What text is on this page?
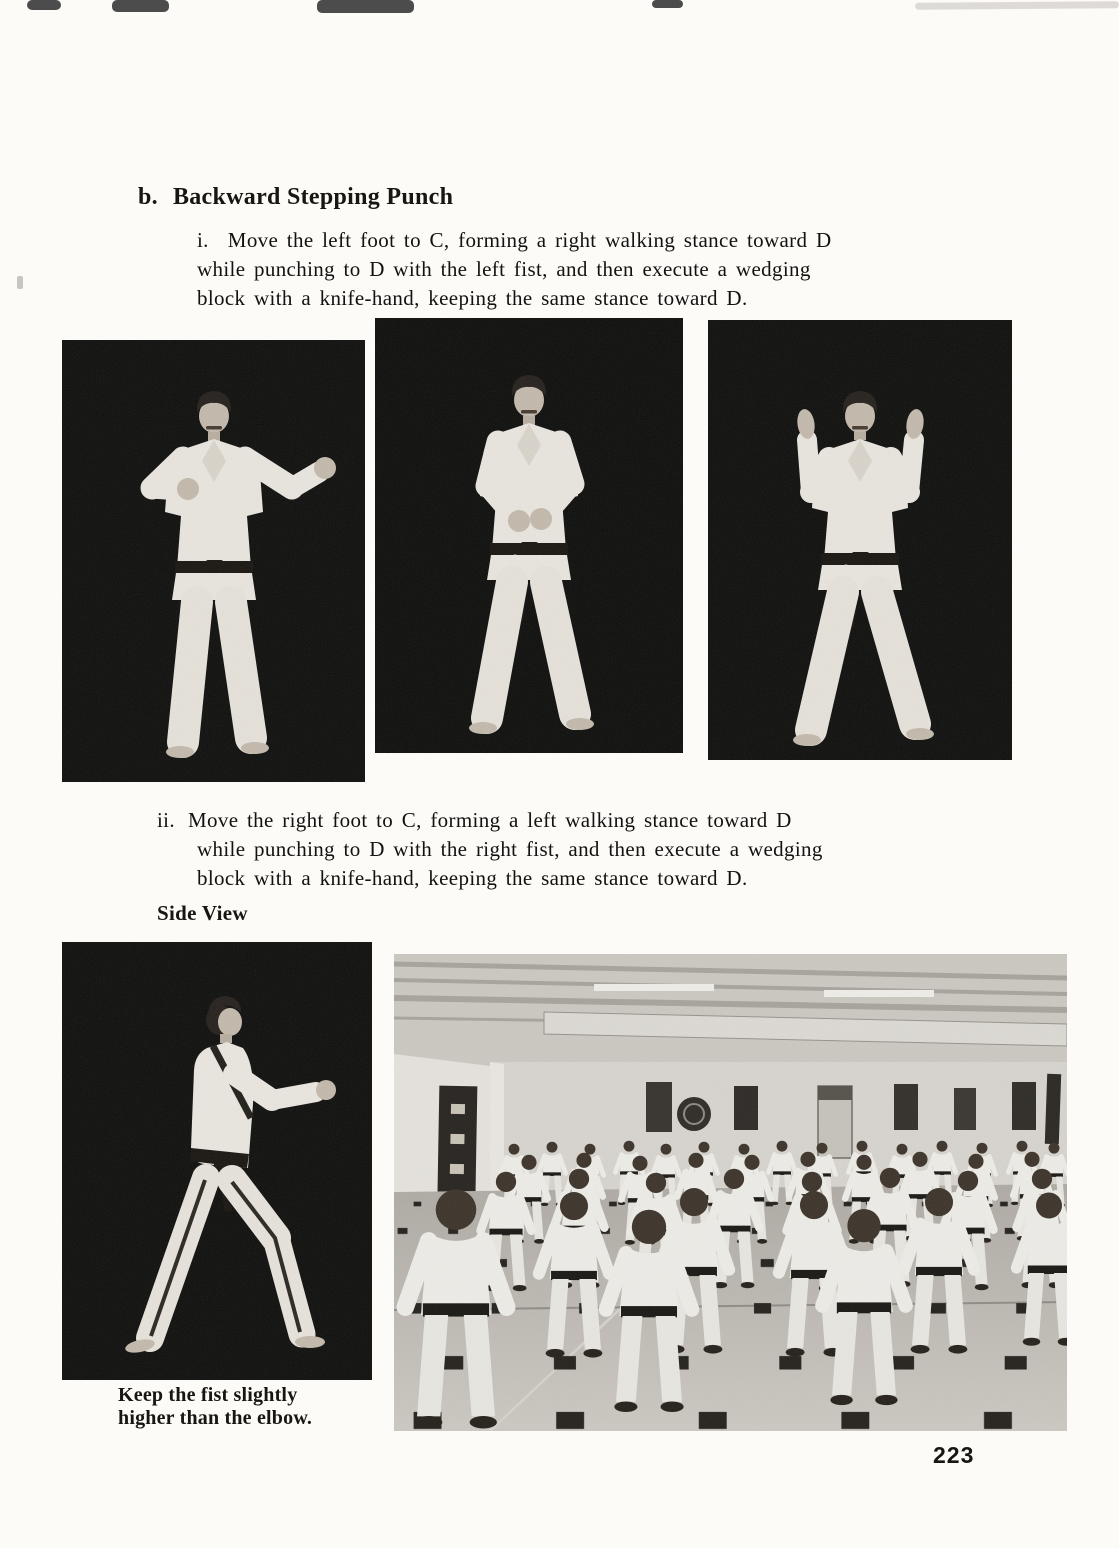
b. Backward Stepping Punch
i. Move the left foot to C, forming a right walking stance toward D
while punching to D with the left fist, and then execute a wedging
block with a knife-hand, keeping the same stance toward D.
ii. Move the right foot to C, forming a left walking stance toward D
while punching to D with the right fist, and then execute a wedging
block with a knife-hand, keeping the same stance toward D.
Side View
Keep the fist slightly
higher than the elbow.
223
